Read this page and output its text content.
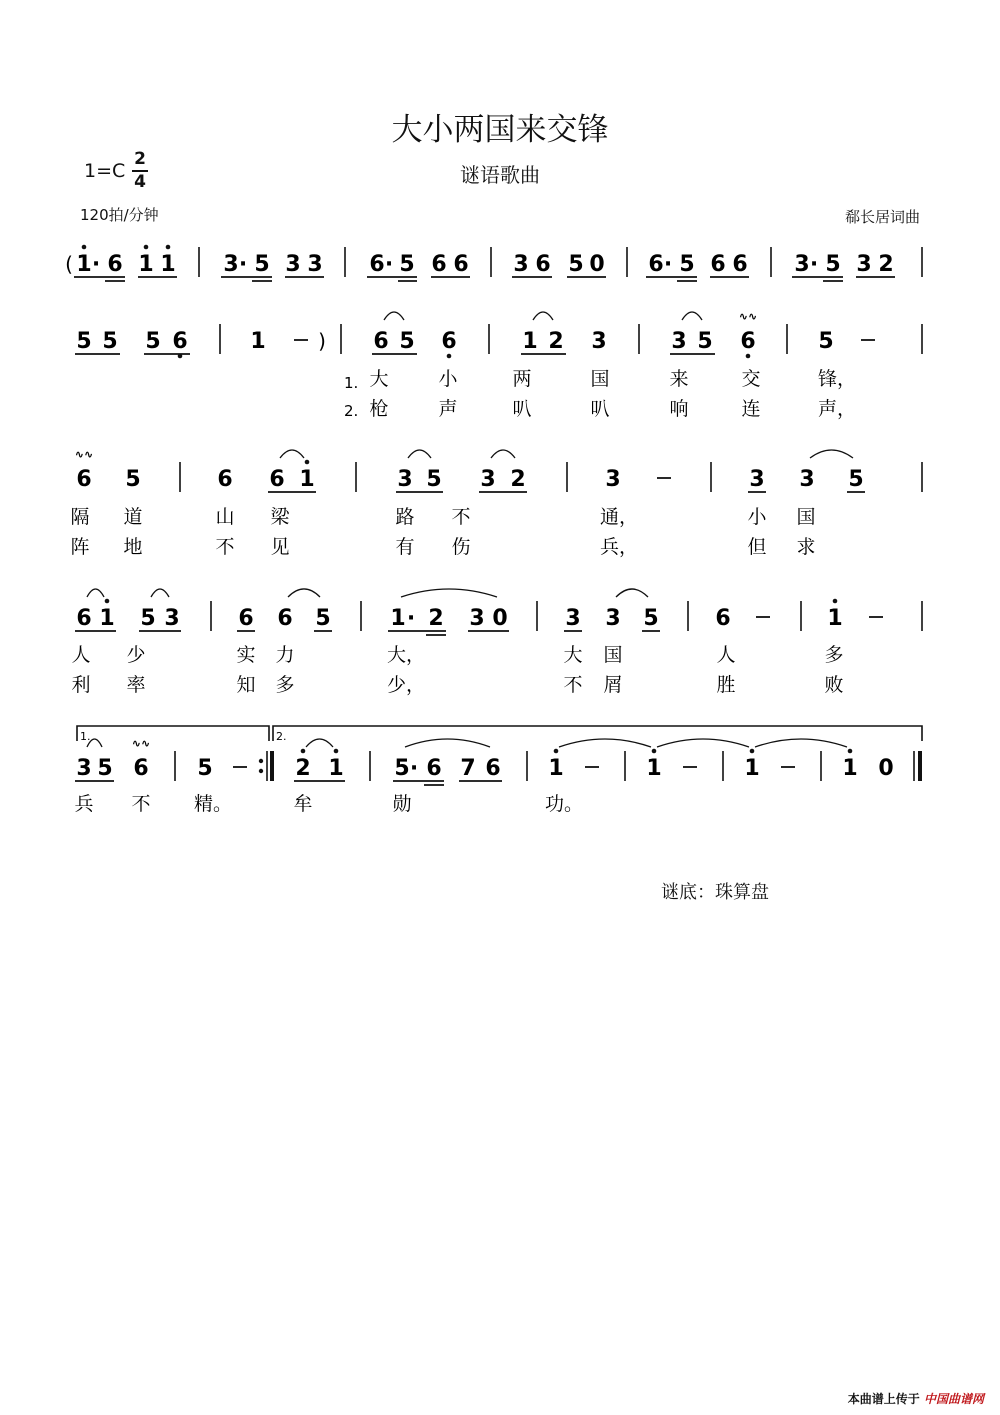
大小两国来交锋
谜语歌曲
1=C
2
4
120拍/分钟	郗长居词曲
谜底：珠算盘
本曲谱上传于 中国曲谱网
( 1 · 6 1 1 3 · 5 3 3 6 · 5 6 6 3 6 5 0 6 · 5 6 6 3 · 5 3 2
5 5 5 6	1	) 6 5 6	1 2 3	3 5 6
∿∿
5
1.
2.
大	小	两	国	来	交	锋，
枪	声	叭	叭	响	连	声，
6
∿∿
5	6 6 1	3 5 3 2	3	3 3 5
隔 道	山 梁	路 不	通，	小 国
阵 地	不 见	有 伤	兵，	但 求
6 1 5 3	6 6 5	1 · 2 3 0	3 3 5	6	1
人 少	实 力	大，	大 国	人	多
利 率	知 多	少，	不 屑	胜	败
1.	2.
3 5 6
∿∿
5	2 1 5 · 6 7 6 1	1	1	1 0
兵 不 精。	牟	勋	功。
